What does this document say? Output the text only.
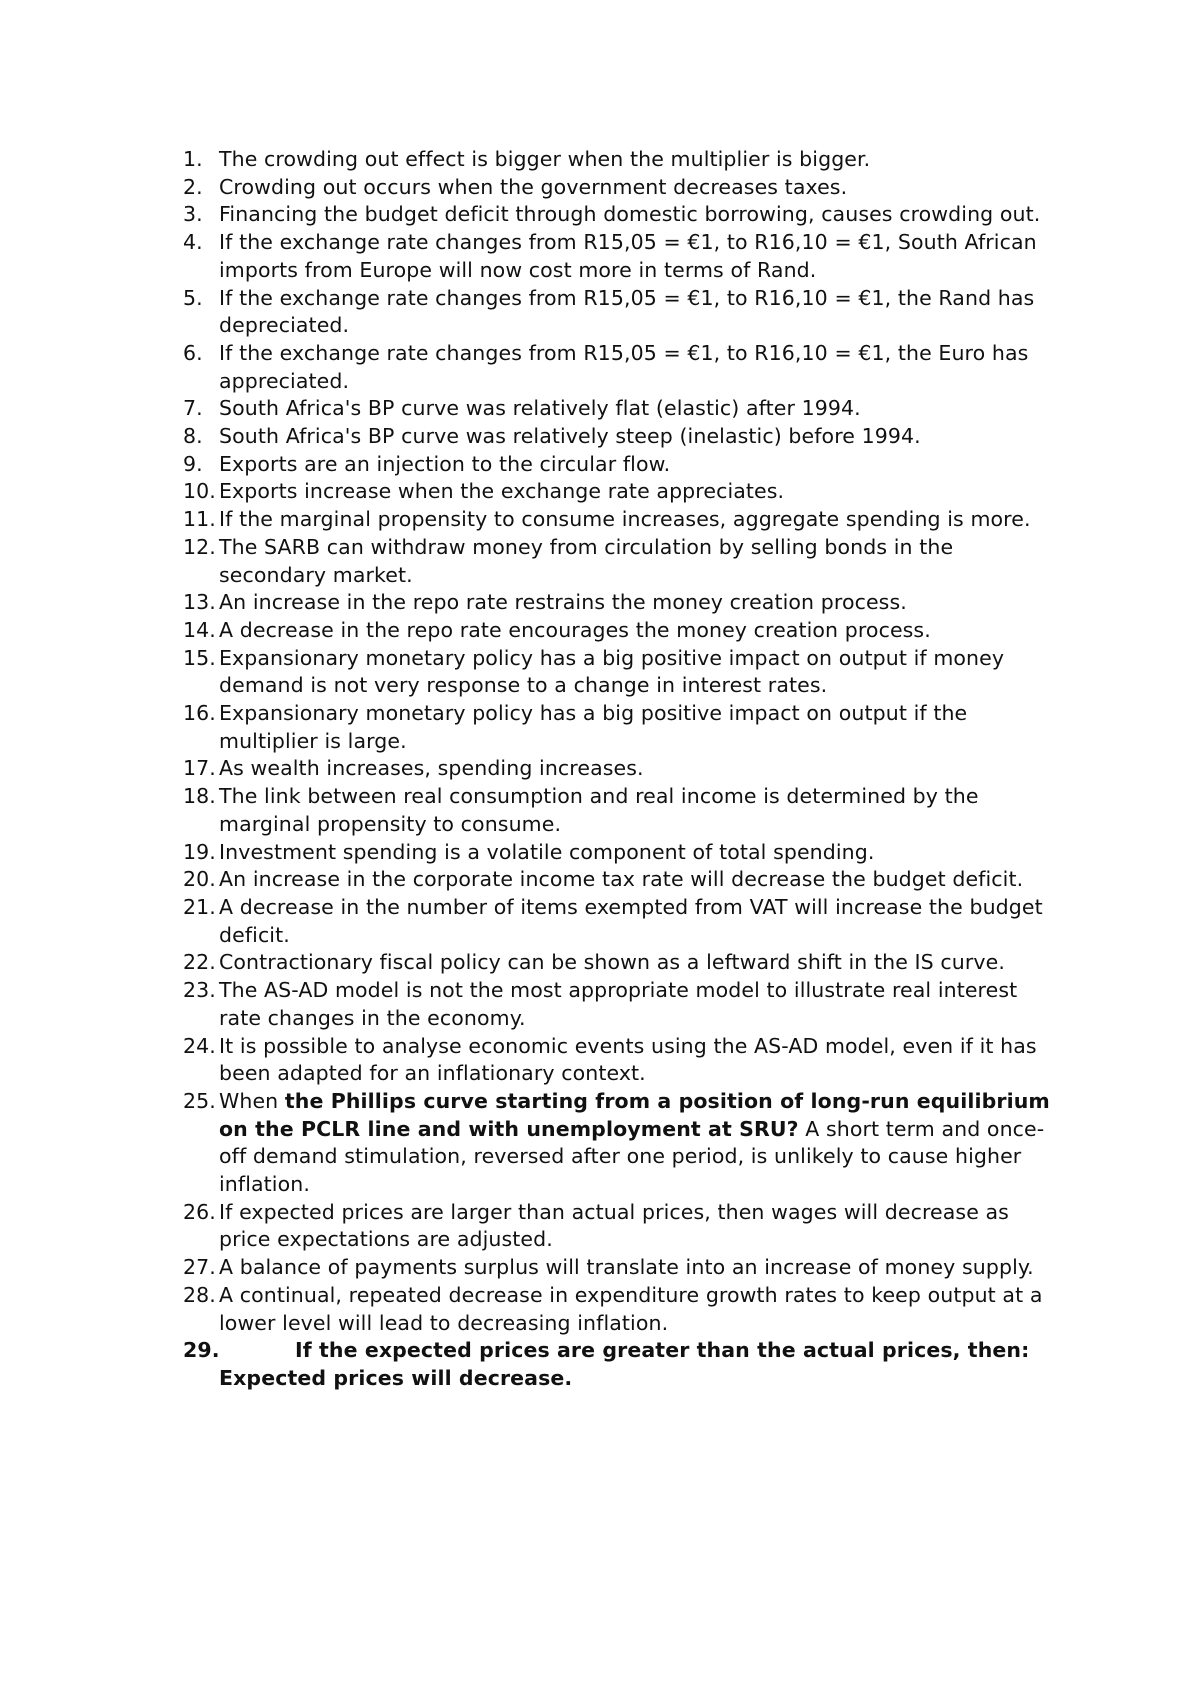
1. The crowding out effect is bigger when the multiplier is bigger.
2. Crowding out occurs when the government decreases taxes.
3. Financing the budget deficit through domestic borrowing, causes crowding out.
4. If the exchange rate changes from R15,05 = €1, to R16,10 = €1, South African imports from Europe will now cost more in terms of Rand.
5. If the exchange rate changes from R15,05 = €1, to R16,10 = €1, the Rand has depreciated.
6. If the exchange rate changes from R15,05 = €1, to R16,10 = €1, the Euro has appreciated.
7. South Africa's BP curve was relatively flat (elastic) after 1994.
8. South Africa's BP curve was relatively steep (inelastic) before 1994.
9. Exports are an injection to the circular flow.
10. Exports increase when the exchange rate appreciates.
11. If the marginal propensity to consume increases, aggregate spending is more.
12. The SARB can withdraw money from circulation by selling bonds in the secondary market.
13. An increase in the repo rate restrains the money creation process.
14. A decrease in the repo rate encourages the money creation process.
15. Expansionary monetary policy has a big positive impact on output if money demand is not very response to a change in interest rates.
16. Expansionary monetary policy has a big positive impact on output if the multiplier is large.
17. As wealth increases, spending increases.
18. The link between real consumption and real income is determined by the marginal propensity to consume.
19. Investment spending is a volatile component of total spending.
20. An increase in the corporate income tax rate will decrease the budget deficit.
21. A decrease in the number of items exempted from VAT will increase the budget deficit.
22. Contractionary fiscal policy can be shown as a leftward shift in the IS curve.
23. The AS-AD model is not the most appropriate model to illustrate real interest rate changes in the economy.
24. It is possible to analyse economic events using the AS-AD model, even if it has been adapted for an inflationary context.
25. When the Phillips curve starting from a position of long-run equilibrium on the PCLR line and with unemployment at SRU? A short term and once-off demand stimulation, reversed after one period, is unlikely to cause higher inflation.
26. If expected prices are larger than actual prices, then wages will decrease as price expectations are adjusted.
27. A balance of payments surplus will translate into an increase of money supply.
28. A continual, repeated decrease in expenditure growth rates to keep output at a lower level will lead to decreasing inflation.
29.	If the expected prices are greater than the actual prices, then: Expected prices will decrease.
